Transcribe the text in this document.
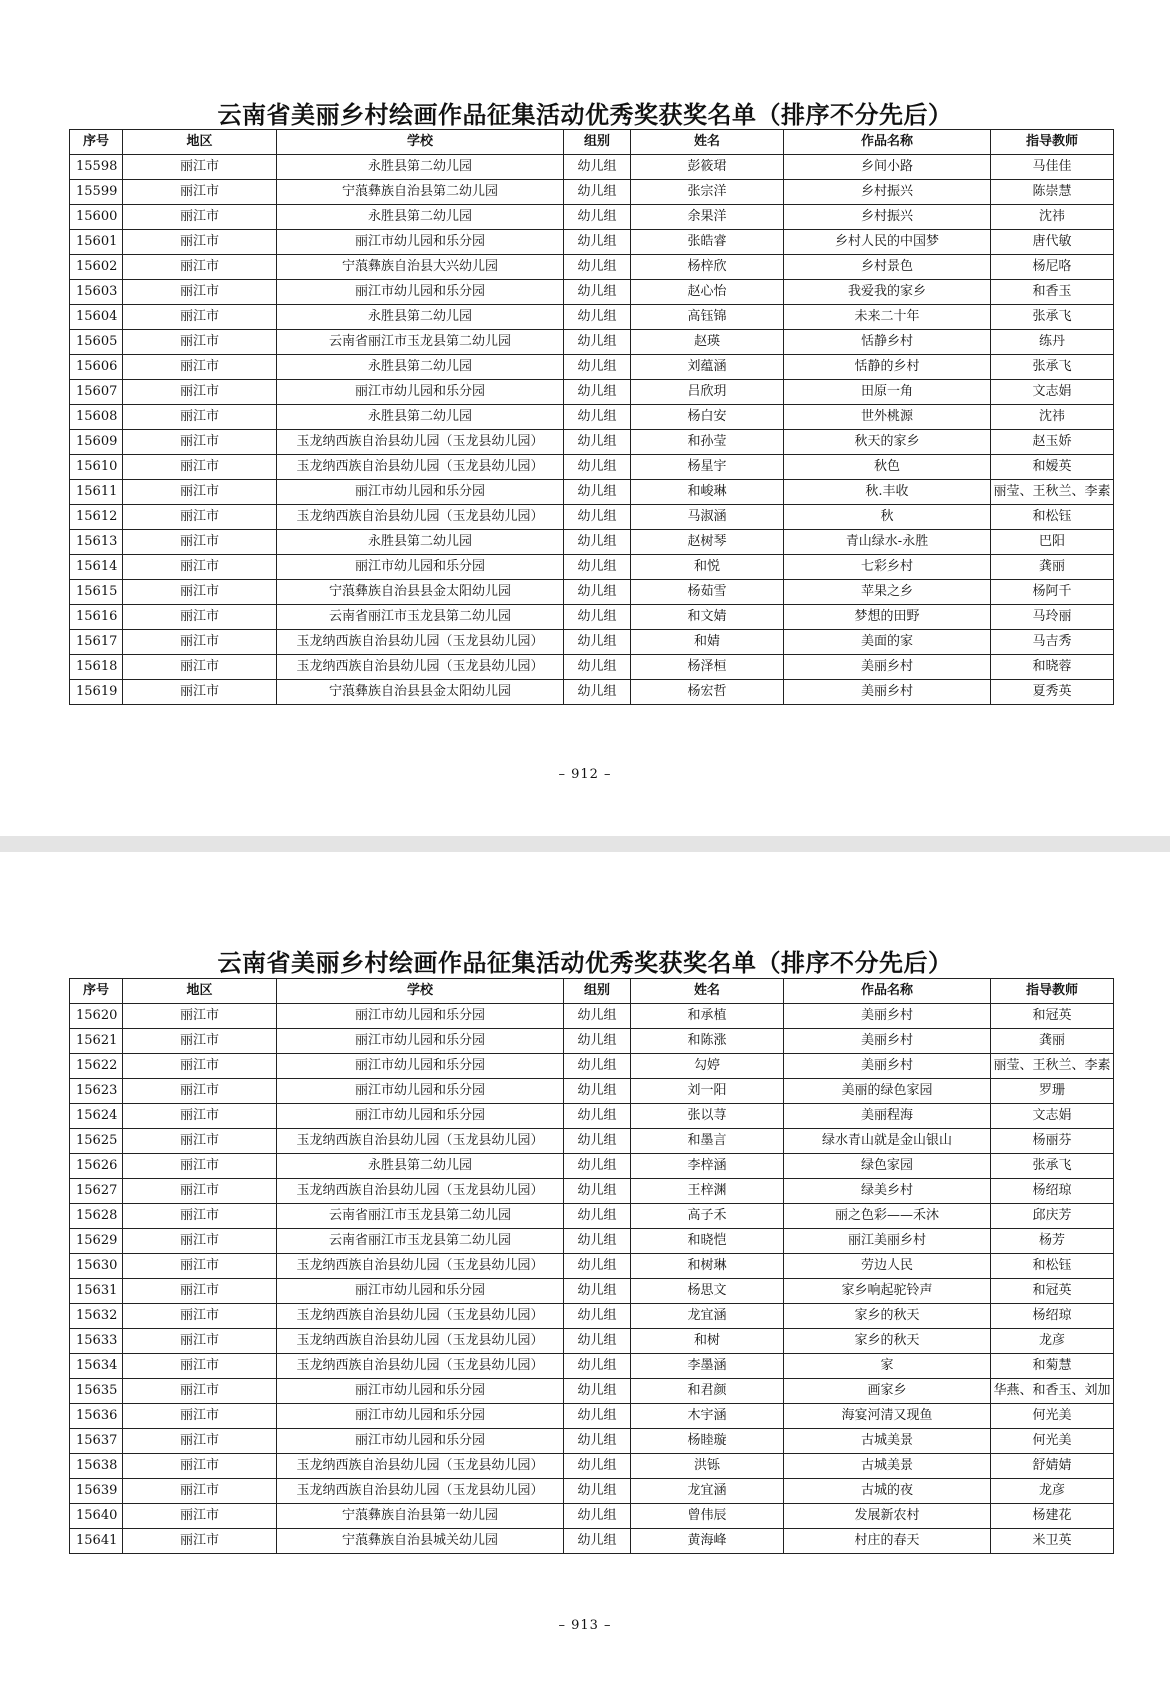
云南省美丽乡村绘画作品征集活动优秀奖获奖名单（排序不分先后）
序号	地区	学校	组别	姓名	作品名称	指导教师
15598	丽江市	永胜县第二幼儿园	幼儿组	彭筱珺	乡间小路	马佳佳
15599	丽江市	宁蒗彝族自治县第二幼儿园	幼儿组	张宗洋	乡村振兴	陈崇慧
15600	丽江市	永胜县第二幼儿园	幼儿组	余果洋	乡村振兴	沈祎
15601	丽江市	丽江市幼儿园和乐分园	幼儿组	张皓睿	乡村人民的中国梦	唐代敏
15602	丽江市	宁蒗彝族自治县大兴幼儿园	幼儿组	杨梓欣	乡村景色	杨尼咯
15603	丽江市	丽江市幼儿园和乐分园	幼儿组	赵心怡	我爱我的家乡	和香玉
15604	丽江市	永胜县第二幼儿园	幼儿组	高钰锦	未来二十年	张承飞
15605	丽江市	云南省丽江市玉龙县第二幼儿园	幼儿组	赵瑛	恬静乡村	练丹
15606	丽江市	永胜县第二幼儿园	幼儿组	刘蕴涵	恬静的乡村	张承飞
15607	丽江市	丽江市幼儿园和乐分园	幼儿组	吕欣玥	田原一角	文志娟
15608	丽江市	永胜县第二幼儿园	幼儿组	杨白安	世外桃源	沈祎
15609	丽江市	玉龙纳西族自治县幼儿园（玉龙县幼儿园）	幼儿组	和孙莹	秋天的家乡	赵玉娇
15610	丽江市	玉龙纳西族自治县幼儿园（玉龙县幼儿园）	幼儿组	杨星宇	秋色	和嫒英
15611	丽江市	丽江市幼儿园和乐分园	幼儿组	和峻琳	秋.丰收	丽莹、王秋兰、李素
15612	丽江市	玉龙纳西族自治县幼儿园（玉龙县幼儿园）	幼儿组	马淑涵	秋	和松钰
15613	丽江市	永胜县第二幼儿园	幼儿组	赵树琴	青山绿水-永胜	巴阳
15614	丽江市	丽江市幼儿园和乐分园	幼儿组	和悦	七彩乡村	龚丽
15615	丽江市	宁蒗彝族自治县县金太阳幼儿园	幼儿组	杨茹雪	苹果之乡	杨阿千
15616	丽江市	云南省丽江市玉龙县第二幼儿园	幼儿组	和文婧	梦想的田野	马玲丽
15617	丽江市	玉龙纳西族自治县幼儿园（玉龙县幼儿园）	幼儿组	和婧	美面的家	马吉秀
15618	丽江市	玉龙纳西族自治县幼儿园（玉龙县幼儿园）	幼儿组	杨泽桓	美丽乡村	和晓蓉
15619	丽江市	宁蒗彝族自治县县金太阳幼儿园	幼儿组	杨宏哲	美丽乡村	夏秀英
– 912 –
云南省美丽乡村绘画作品征集活动优秀奖获奖名单（排序不分先后）
序号	地区	学校	组别	姓名	作品名称	指导教师
15620	丽江市	丽江市幼儿园和乐分园	幼儿组	和承植	美丽乡村	和冠英
15621	丽江市	丽江市幼儿园和乐分园	幼儿组	和陈涨	美丽乡村	龚丽
15622	丽江市	丽江市幼儿园和乐分园	幼儿组	勾婷	美丽乡村	丽莹、王秋兰、李素
15623	丽江市	丽江市幼儿园和乐分园	幼儿组	刘一阳	美丽的绿色家园	罗珊
15624	丽江市	丽江市幼儿园和乐分园	幼儿组	张以荨	美丽程海	文志娟
15625	丽江市	玉龙纳西族自治县幼儿园（玉龙县幼儿园）	幼儿组	和墨言	绿水青山就是金山银山	杨丽芬
15626	丽江市	永胜县第二幼儿园	幼儿组	李梓涵	绿色家园	张承飞
15627	丽江市	玉龙纳西族自治县幼儿园（玉龙县幼儿园）	幼儿组	王梓渊	绿美乡村	杨绍琼
15628	丽江市	云南省丽江市玉龙县第二幼儿园	幼儿组	高子禾	丽之色彩——禾沐	邱庆芳
15629	丽江市	云南省丽江市玉龙县第二幼儿园	幼儿组	和晓恺	丽江美丽乡村	杨芳
15630	丽江市	玉龙纳西族自治县幼儿园（玉龙县幼儿园）	幼儿组	和树琳	劳边人民	和松钰
15631	丽江市	丽江市幼儿园和乐分园	幼儿组	杨思文	家乡响起驼铃声	和冠英
15632	丽江市	玉龙纳西族自治县幼儿园（玉龙县幼儿园）	幼儿组	龙宜涵	家乡的秋天	杨绍琼
15633	丽江市	玉龙纳西族自治县幼儿园（玉龙县幼儿园）	幼儿组	和树	家乡的秋天	龙彦
15634	丽江市	玉龙纳西族自治县幼儿园（玉龙县幼儿园）	幼儿组	李墨涵	家	和菊慧
15635	丽江市	丽江市幼儿园和乐分园	幼儿组	和君颜	画家乡	华燕、和香玉、刘加
15636	丽江市	丽江市幼儿园和乐分园	幼儿组	木宇涵	海宴河清又现鱼	何光美
15637	丽江市	丽江市幼儿园和乐分园	幼儿组	杨睦璇	古城美景	何光美
15638	丽江市	玉龙纳西族自治县幼儿园（玉龙县幼儿园）	幼儿组	洪铄	古城美景	舒婧婧
15639	丽江市	玉龙纳西族自治县幼儿园（玉龙县幼儿园）	幼儿组	龙宜涵	古城的夜	龙彦
15640	丽江市	宁蒗彝族自治县第一幼儿园	幼儿组	曾伟辰	发展新农村	杨建花
15641	丽江市	宁蒗彝族自治县城关幼儿园	幼儿组	黄海峰	村庄的春天	米卫英
– 913 –
